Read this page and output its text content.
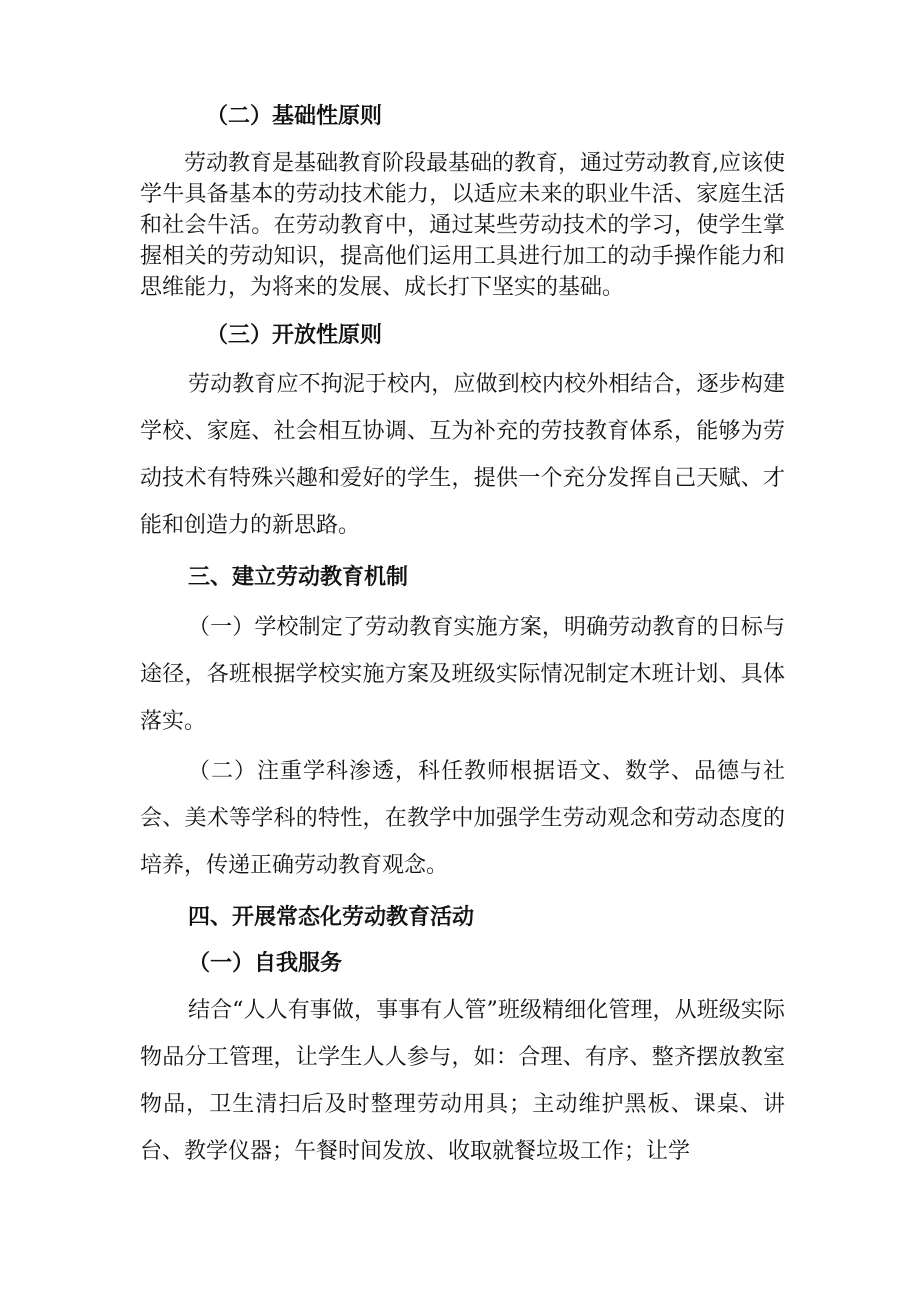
（二）基础性原则
劳动教育是基础教育阶段最基础的教育，通过劳动教育,应该使学牛具备基本的劳动技术能力，以适应未来的职业牛活、家庭生活和社会牛活。在劳动教育中，通过某些劳动技术的学习，使学生掌握相关的劳动知识，提高他们运用工具进行加工的动手操作能力和思维能力，为将来的发展、成长打下坚实的基础。
（三）开放性原则
劳动教育应不拘泥于校内，应做到校内校外相结合，逐步构建学校、家庭、社会相互协调、互为补充的劳技教育体系，能够为劳动技术有特殊兴趣和爱好的学生，提供一个充分发挥自己天赋、才能和创造力的新思路。
三、建立劳动教育机制
（一）学校制定了劳动教育实施方案，明确劳动教育的日标与途径，各班根据学校实施方案及班级实际情况制定木班计划、具体落实。
（二）注重学科渗透，科任教师根据语文、数学、品德与社会、美术等学科的特性，在教学中加强学生劳动观念和劳动态度的培养，传递正确劳动教育观念。
四、开展常态化劳动教育活动
（一）自我服务
结合“人人有事做，事事有人管”班级精细化管理，从班级实际物品分工管理，让学生人人参与，如：合理、有序、整齐摆放教室物品，卫生清扫后及时整理劳动用具；主动维护黑板、课桌、讲台、教学仪器；午餐时间发放、收取就餐垃圾工作；让学
